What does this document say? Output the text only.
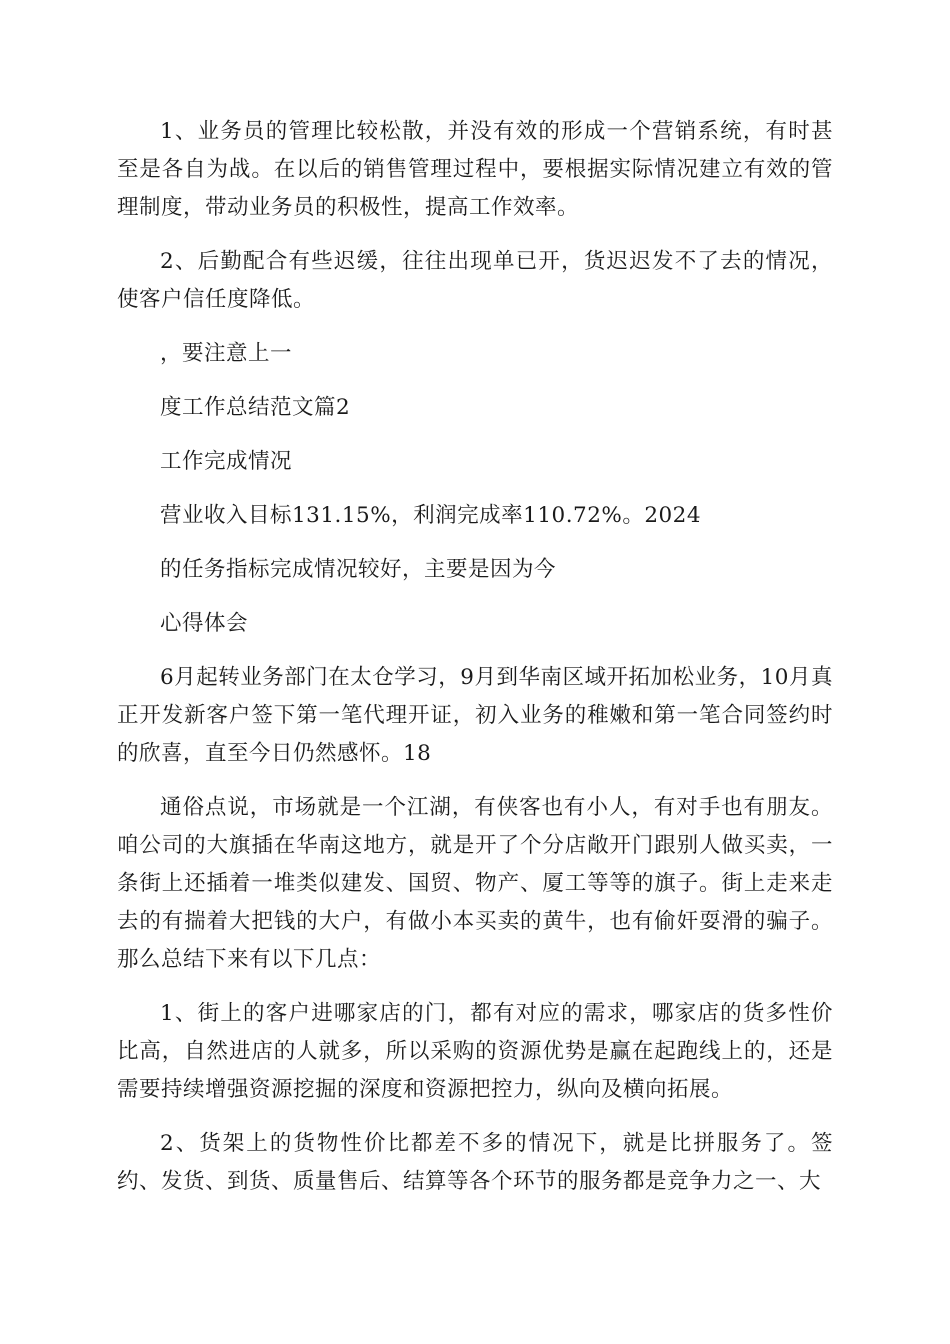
1、业务员的管理比较松散，并没有效的形成一个营销系统，有时甚至是各自为战。在以后的销售管理过程中，要根据实际情况建立有效的管理制度，带动业务员的积极性，提高工作效率。

2、后勤配合有些迟缓，往往出现单已开，货迟迟发不了去的情况，使客户信任度降低。

，要注意上一

度工作总结范文篇2

工作完成情况

营业收入目标131.15%，利润完成率110.72%。2024

的任务指标完成情况较好，主要是因为今

心得体会

6月起转业务部门在太仓学习，9月到华南区域开拓加松业务，10月真正开发新客户签下第一笔代理开证，初入业务的稚嫩和第一笔合同签约时的欣喜，直至今日仍然感怀。18

通俗点说，市场就是一个江湖，有侠客也有小人，有对手也有朋友。咱公司的大旗插在华南这地方，就是开了个分店敞开门跟别人做买卖，一条街上还插着一堆类似建发、国贸、物产、厦工等等的旗子。街上走来走去的有揣着大把钱的大户，有做小本买卖的黄牛，也有偷奸耍滑的骗子。那么总结下来有以下几点：

1、街上的客户进哪家店的门，都有对应的需求，哪家店的货多性价比高，自然进店的人就多，所以采购的资源优势是赢在起跑线上的，还是需要持续增强资源挖掘的深度和资源把控力，纵向及横向拓展。

2、货架上的货物性价比都差不多的情况下，就是比拼服务了。签约、发货、到货、质量售后、结算等各个环节的服务都是竞争力之一、大
